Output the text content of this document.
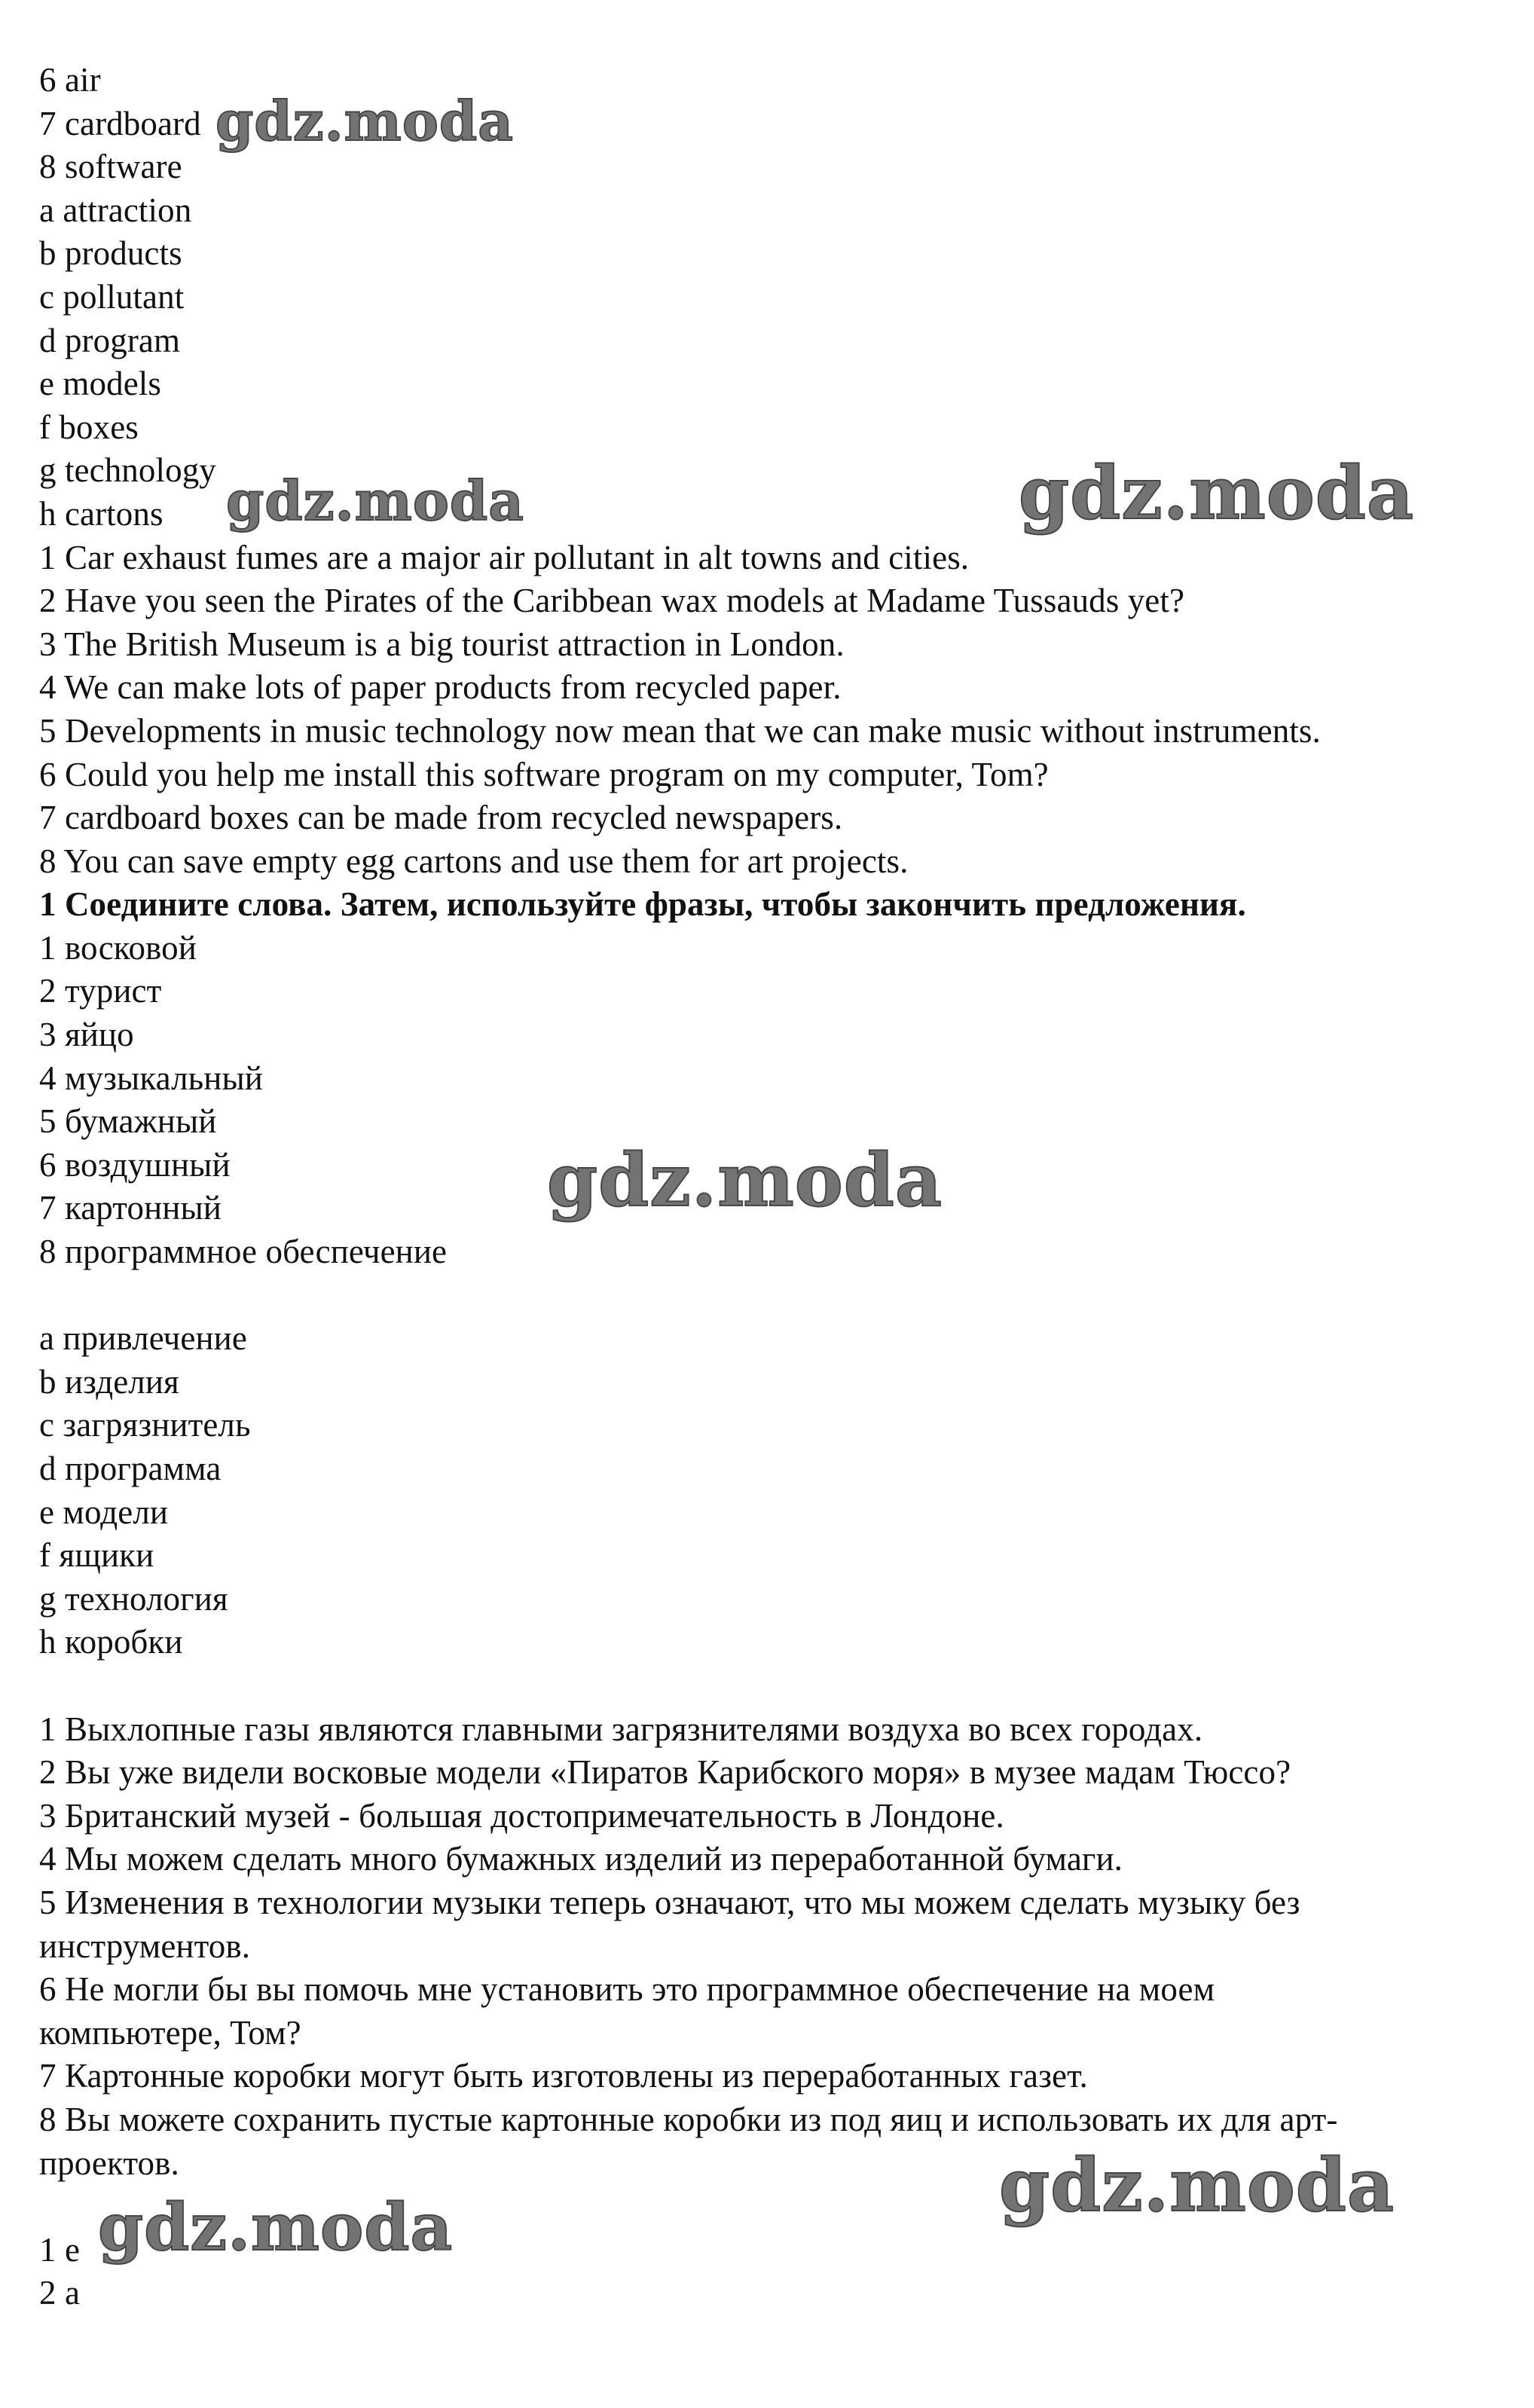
6 air
7 cardboard
8 software
a attraction
b products
c pollutant
d program
e models
f boxes
g technology
h cartons
1 Car exhaust fumes are a major air pollutant in alt towns and cities.
2 Have you seen the Pirates of the Caribbean wax models at Madame Tussauds yet?
3 The British Museum is a big tourist attraction in London.
4 We can make lots of paper products from recycled paper.
5 Developments in music technology now mean that we can make music without instruments.
6 Could you help me install this software program on my computer, Tom?
7 cardboard boxes can be made from recycled newspapers.
8 You can save empty egg cartons and use them for art projects.
1 Соедините слова. Затем, используйте фразы, чтобы закончить предложения.
1 восковой
2 турист
3 яйцо
4 музыкальный
5 бумажный
6 воздушный
7 картонный
8 программное обеспечение
a привлечение
b изделия
c загрязнитель
d программа
e модели
f ящики
g технология
h коробки
1 Выхлопные газы являются главными загрязнителями воздуха во всех городах.
2 Вы уже видели восковые модели «Пиратов Карибского моря» в музее мадам Тюссо?
3 Британский музей - большая достопримечательность в Лондоне.
4 Мы можем сделать много бумажных изделий из переработанной бумаги.
5 Изменения в технологии музыки теперь означают, что мы можем сделать музыку без
инструментов.
6 Не могли бы вы помочь мне установить это программное обеспечение на моем
компьютере, Том?
7 Картонные коробки могут быть изготовлены из переработанных газет.
8 Вы можете сохранить пустые картонные коробки из под яиц и использовать их для арт-
проектов.
1 е
2 а
gdz.moda
gdz.moda	gdz.moda
gdz.moda
gdz.moda
gdz.moda
